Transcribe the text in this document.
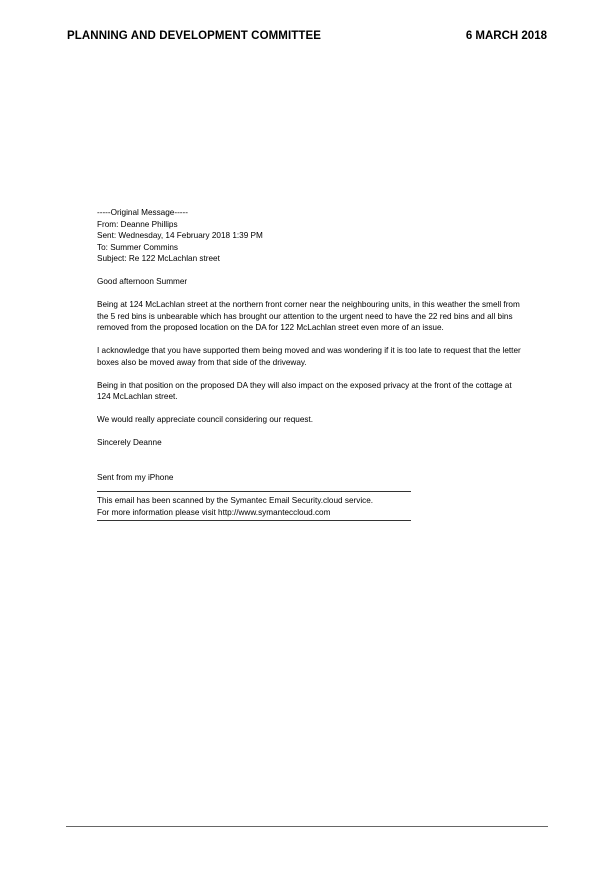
PLANNING AND DEVELOPMENT COMMITTEE	6 MARCH 2018
-----Original Message-----
From: Deanne Phillips
Sent: Wednesday, 14 February 2018 1:39 PM
To: Summer Commins
Subject: Re 122 McLachlan street

Good afternoon Summer

Being at 124 McLachlan street at the northern front corner near the neighbouring units, in this weather the smell from the 5 red bins is unbearable which has brought our attention to the urgent need to have the 22 red bins and all bins removed from the proposed location on the DA for 122 McLachlan street even more of an issue.

I acknowledge that you have supported them being moved and was wondering if it is too late to request that the letter boxes also be moved away from that side of the driveway.

Being in that position on the proposed DA they will also impact on the exposed privacy at the front of the cottage at 124 McLachlan street.

We would really appreciate council considering our request.

Sincerely Deanne

Sent from my iPhone
This email has been scanned by the Symantec Email Security.cloud service.
For more information please visit http://www.symanteccloud.com
